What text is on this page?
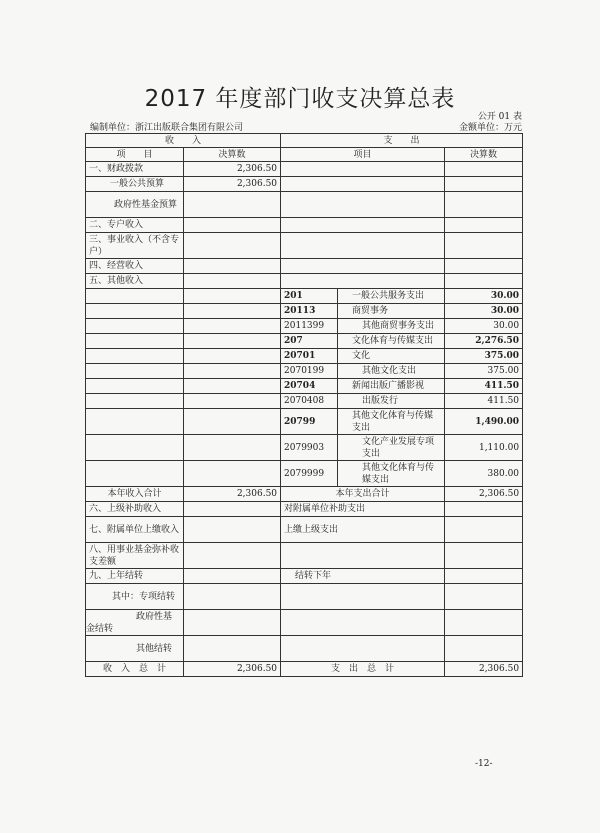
2017 年度部门收支决算总表
公开 01 表
编制单位：浙江出版联合集团有限公司	金额单位：万元
收　　入		支　　出		
项　　目	决算数	项目		决算数
一、财政拨款	2,306.50			
一般公共预算	2,306.50			
政府性基金预算				
二、专户收入				
三、事业收入（不含专户）				
四、经营收入				
五、其他收入				
		201	一般公共服务支出	30.00
		20113	商贸事务	30.00
		2011399	其他商贸事务支出	30.00
		207	文化体育与传媒支出	2,276.50
		20701	文化	375.00
		2070199	其他文化支出	375.00
		20704	新闻出版广播影视	411.50
		2070408	出版发行	411.50
		20799	其他文化体育与传媒支出	1,490.00
		2079903	文化产业发展专项支出	1,110.00
		2079999	其他文化体育与传媒支出	380.00
本年收入合计	2,306.50	本年支出合计		2,306.50
六、上级补助收入		对附属单位补助支出		
七、附属单位上缴收入		上缴上级支出		
八、用事业基金弥补收支差额				
九、上年结转		结转下年		
其中：专项结转				
政府性基金结转				
其他结转				
收　入　总　计	2,306.50	支　出　总　计		2,306.50
-12-
